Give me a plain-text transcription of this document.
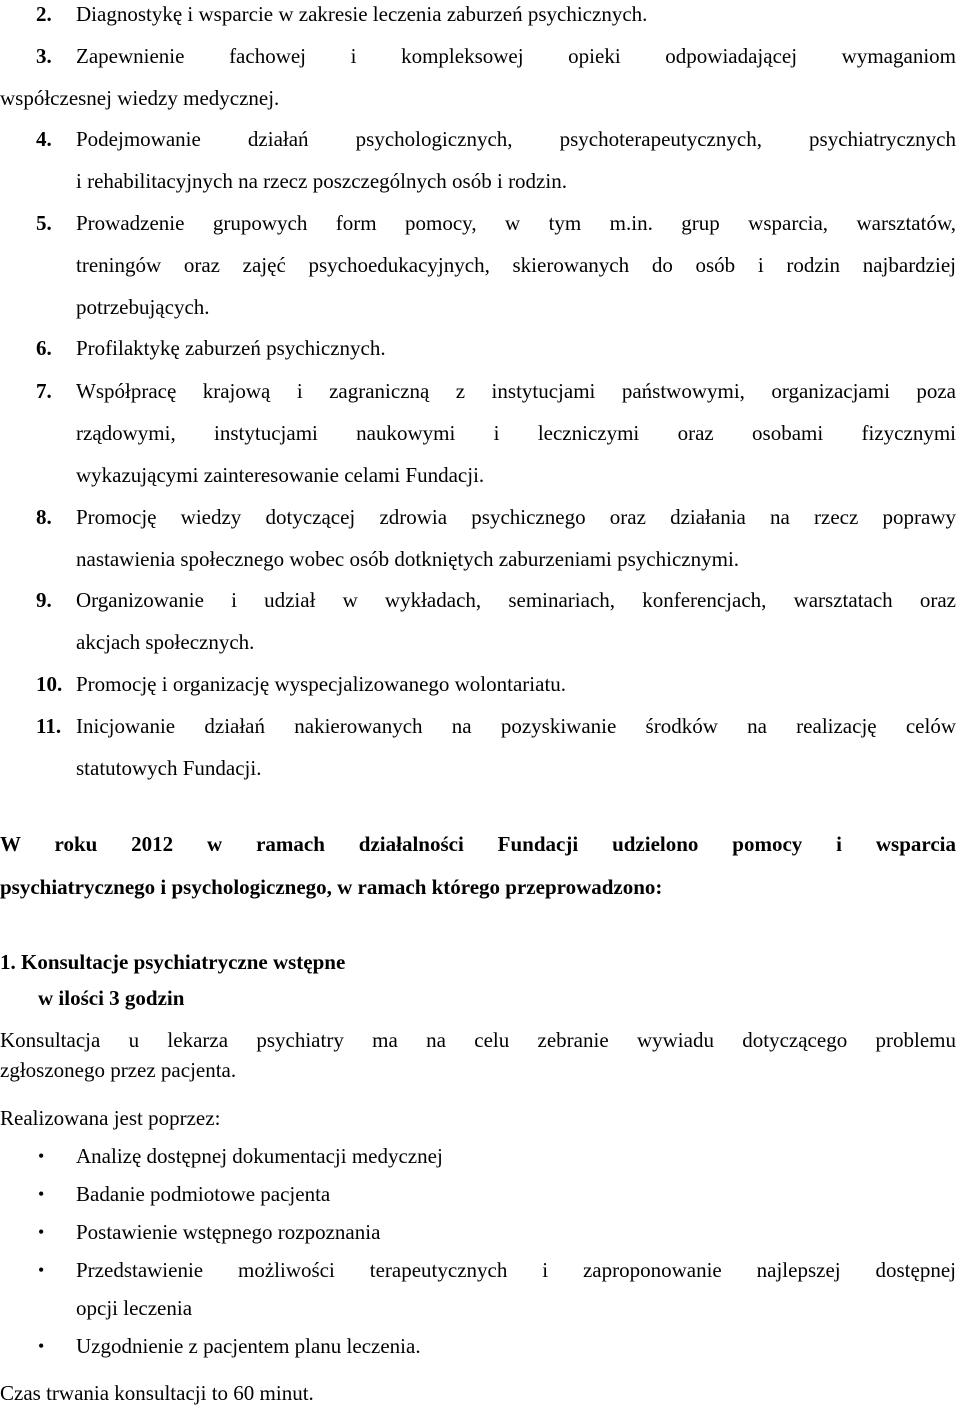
2.	Diagnostykę i wsparcie w zakresie leczenia zaburzeń psychicznych.
3.	Zapewnienie fachowej i kompleksowej opieki odpowiadającej wymaganiom
współczesnej wiedzy medycznej.
4.	Podejmowanie działań psychologicznych, psychoterapeutycznych, psychiatrycznych
i rehabilitacyjnych na rzecz poszczególnych osób i rodzin.
5.	Prowadzenie grupowych form pomocy, w tym m.in. grup wsparcia, warsztatów,
treningów oraz zajęć psychoedukacyjnych, skierowanych do osób i rodzin najbardziej
potrzebujących.
6.	Profilaktykę zaburzeń psychicznych.
7.	Współpracę krajową i zagraniczną z instytucjami państwowymi, organizacjami poza
rządowymi, instytucjami naukowymi i leczniczymi oraz osobami fizycznymi
wykazującymi zainteresowanie celami Fundacji.
8.	Promocję wiedzy dotyczącej zdrowia psychicznego oraz działania na rzecz poprawy
nastawienia społecznego wobec osób dotkniętych zaburzeniami psychicznymi.
9.	Organizowanie i udział w wykładach, seminariach, konferencjach, warsztatach oraz
akcjach społecznych.
10. Promocję i organizację wyspecjalizowanego wolontariatu.
11. Inicjowanie działań nakierowanych na pozyskiwanie środków na realizację celów
statutowych Fundacji.
W roku 2012 w ramach działalności Fundacji udzielono pomocy i wsparcia
psychiatrycznego i psychologicznego, w ramach którego przeprowadzono:
1. Konsultacje psychiatryczne wstępne
w ilości 3 godzin
Konsultacja u lekarza psychiatry ma na celu zebranie wywiadu dotyczącego problemu
zgłoszonego przez pacjenta.
Realizowana jest poprzez:
• Analizę dostępnej dokumentacji medycznej
• Badanie podmiotowe pacjenta
• Postawienie wstępnego rozpoznania
• Przedstawienie możliwości terapeutycznych i zaproponowanie najlepszej dostępnej
opcji leczenia
• Uzgodnienie z pacjentem planu leczenia.
Czas trwania konsultacji to 60 minut.
